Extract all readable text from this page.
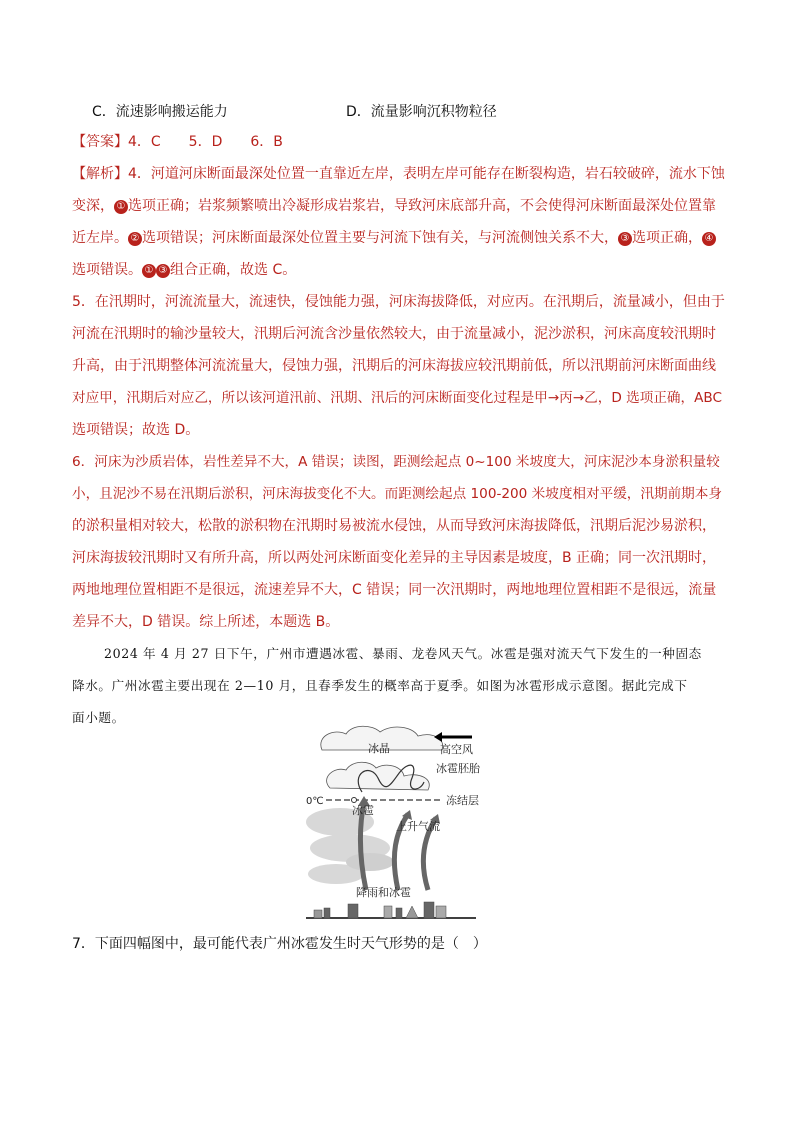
C．流速影响搬运能力	D．流量影响沉积物粒径
【答案】4．C　　5．D　　6．B
【解析】4．河道河床断面最深处位置一直靠近左岸，表明左岸可能存在断裂构造，岩石较破碎，流水下蚀
变深， ① 选项正确；岩浆频繁喷出冷凝形成岩浆岩，导致河床底部升高，不会使得河床断面最深处位置靠
近左岸。 ② 选项错误；河床断面最深处位置主要与河流下蚀有关，与河流侧蚀关系不大， ③ 选项正确， ④
选项错误。 ① ③ 组合正确，故选 C。
5．在汛期时，河流流量大，流速快，侵蚀能力强，河床海拔降低，对应丙。在汛期后，流量减小，但由于
河流在汛期时的输沙量较大，汛期后河流含沙量依然较大，由于流量减小，泥沙淤积，河床高度较汛期时
升高，由于汛期整体河流流量大，侵蚀力强，汛期后的河床海拔应较汛期前低，所以汛期前河床断面曲线
对应甲，汛期后对应乙，所以该河道汛前、汛期、汛后的河床断面变化过程是甲→丙→乙，D 选项正确，ABC
选项错误；故选 D。
6．河床为沙质岩体，岩性差异不大，A 错误；读图，距测绘起点 0~100 米坡度大，河床泥沙本身淤积量较
小，且泥沙不易在汛期后淤积，河床海拔变化不大。而距测绘起点 100-200 米坡度相对平缓，汛期前期本身
的淤积量相对较大，松散的淤积物在汛期时易被流水侵蚀，从而导致河床海拔降低，汛期后泥沙易淤积，
河床海拔较汛期时又有所升高，所以两处河床断面变化差异的主导因素是坡度，B 正确；同一次汛期时，
两地地理位置相距不是很远，流速差异不大，C 错误；同一次汛期时，两地地理位置相距不是很远，流量
差异不大，D 错误。综上所述，本题选 B。
2024 年 4 月 27 日下午，广州市遭遇冰雹、暴雨、龙卷风天气。冰雹是强对流天气下发生的一种固态
降水。广州冰雹主要出现在 2—10 月，且春季发生的概率高于夏季。如图为冰雹形成示意图。据此完成下
面小题。
冰晶	高空风
冰雹胚胎
0℃
冰雹
冻结层
上升气流
降雨和冰雹
7．下面四幅图中，最可能代表广州冰雹发生时天气形势的是（　）
